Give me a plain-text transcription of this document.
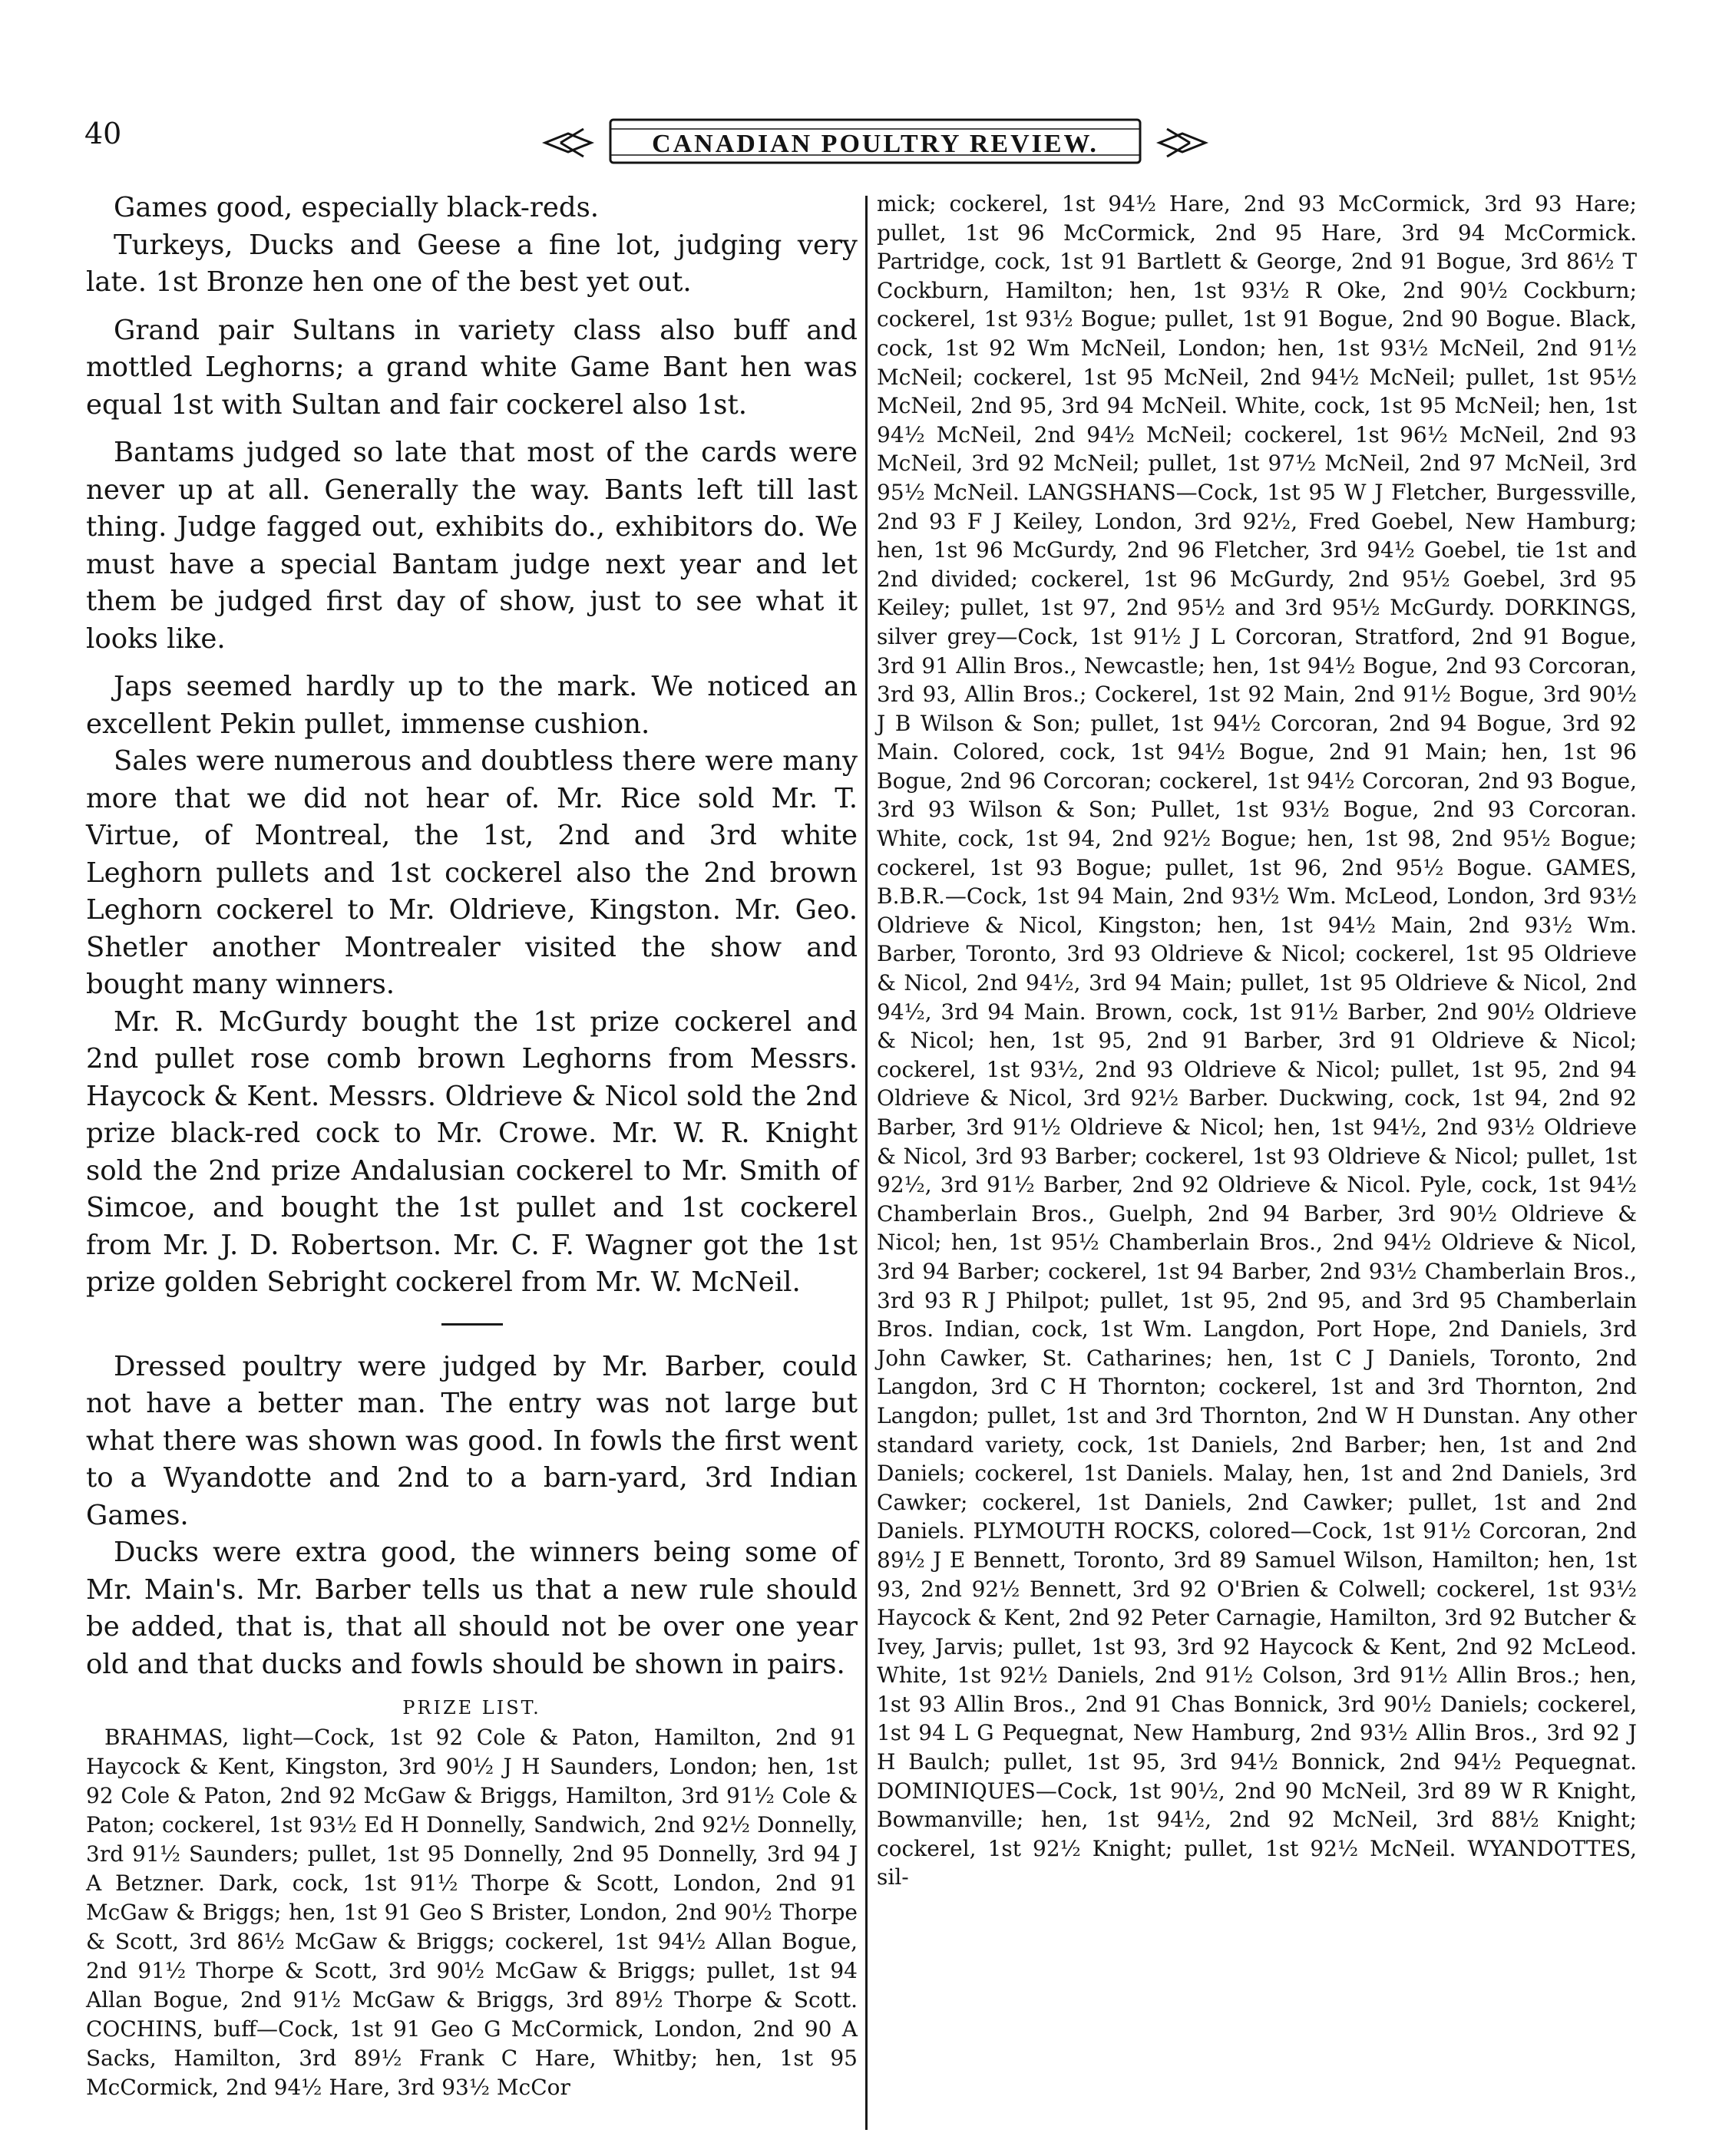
40	CANADIAN POULTRY REVIEW.

Games good, especially black-reds.

Turkeys, Ducks and Geese a fine lot, judging very late. 1st Bronze hen one of the best yet out.

Grand pair Sultans in variety class also buff and mottled Leghorns; a grand white Game Bant hen was equal 1st with Sultan and fair cockerel also 1st.

Bantams judged so late that most of the cards were never up at all. Generally the way. Bants left till last thing. Judge fagged out, exhibits do., exhibitors do. We must have a special Bantam judge next year and let them be judged first day of show, just to see what it looks like.

Japs seemed hardly up to the mark. We noticed an excellent Pekin pullet, immense cushion.

Sales were numerous and doubtless there were many more that we did not hear of. Mr. Rice sold Mr. T. Virtue, of Montreal, the 1st, 2nd and 3rd white Leghorn pullets and 1st cockerel also the 2nd brown Leghorn cockerel to Mr. Oldrieve, Kingston. Mr. Geo. Shetler another Montrealer visited the show and bought many winners.

Mr. R. McGurdy bought the 1st prize cockerel and 2nd pullet rose comb brown Leghorns from Messrs. Haycock & Kent. Messrs. Oldrieve & Nicol sold the 2nd prize black-red cock to Mr. Crowe. Mr. W. R. Knight sold the 2nd prize Andalusian cockerel to Mr. Smith of Simcoe, and bought the 1st pullet and 1st cockerel from Mr. J. D. Robertson. Mr. C. F. Wagner got the 1st prize golden Sebright cockerel from Mr. W. McNeil.

Dressed poultry were judged by Mr. Barber, could not have a better man. The entry was not large but what there was shown was good. In fowls the first went to a Wyandotte and 2nd to a barn-yard, 3rd Indian Games.

Ducks were extra good, the winners being some of Mr. Main's. Mr. Barber tells us that a new rule should be added, that is, that all should not be over one year old and that ducks and fowls should be shown in pairs.

PRIZE LIST.

BRAHMAS, light—Cock, 1st 92 Cole & Paton, Hamilton, 2nd 91 Haycock & Kent, Kingston, 3rd 90½ J H Saunders, London; hen, 1st 92 Cole & Paton, 2nd 92 McGaw & Briggs, Hamilton, 3rd 91½ Cole & Paton; cockerel, 1st 93½ Ed H Donnelly, Sandwich, 2nd 92½ Donnelly, 3rd 91½ Saunders; pullet, 1st 95 Donnelly, 2nd 95 Donnelly, 3rd 94 J A Betzner. Dark, cock, 1st 91½ Thorpe & Scott, London, 2nd 91 McGaw & Briggs; hen, 1st 91 Geo S Brister, London, 2nd 90½ Thorpe & Scott, 3rd 86½ McGaw & Briggs; cockerel, 1st 94½ Allan Bogue, 2nd 91½ Thorpe & Scott, 3rd 90½ McGaw & Briggs; pullet, 1st 94 Allan Bogue, 2nd 91½ McGaw & Briggs, 3rd 89½ Thorpe & Scott. COCHINS, buff—Cock, 1st 91 Geo G McCormick, London, 2nd 90 A Sacks, Hamilton, 3rd 89½ Frank C Hare, Whitby; hen, 1st 95 McCormick, 2nd 94½ Hare, 3rd 93½ McCor

mick; cockerel, 1st 94½ Hare, 2nd 93 McCormick, 3rd 93 Hare; pullet, 1st 96 McCormick, 2nd 95 Hare, 3rd 94 McCormick. Partridge, cock, 1st 91 Bartlett & George, 2nd 91 Bogue, 3rd 86½ T Cockburn, Hamilton; hen, 1st 93½ R Oke, 2nd 90½ Cockburn; cockerel, 1st 93½ Bogue; pullet, 1st 91 Bogue, 2nd 90 Bogue. Black, cock, 1st 92 Wm McNeil, London; hen, 1st 93½ McNeil, 2nd 91½ McNeil; cockerel, 1st 95 McNeil, 2nd 94½ McNeil; pullet, 1st 95½ McNeil, 2nd 95, 3rd 94 McNeil. White, cock, 1st 95 McNeil; hen, 1st 94½ McNeil, 2nd 94½ McNeil; cockerel, 1st 96½ McNeil, 2nd 93 McNeil, 3rd 92 McNeil; pullet, 1st 97½ McNeil, 2nd 97 McNeil, 3rd 95½ McNeil. LANGSHANS—Cock, 1st 95 W J Fletcher, Burgessville, 2nd 93 F J Keiley, London, 3rd 92½, Fred Goebel, New Hamburg; hen, 1st 96 McGurdy, 2nd 96 Fletcher, 3rd 94½ Goebel, tie 1st and 2nd divided; cockerel, 1st 96 McGurdy, 2nd 95½ Goebel, 3rd 95 Keiley; pullet, 1st 97, 2nd 95½ and 3rd 95½ McGurdy. DORKINGS, silver grey—Cock, 1st 91½ J L Corcoran, Stratford, 2nd 91 Bogue, 3rd 91 Allin Bros., Newcastle; hen, 1st 94½ Bogue, 2nd 93 Corcoran, 3rd 93, Allin Bros.; Cockerel, 1st 92 Main, 2nd 91½ Bogue, 3rd 90½ J B Wilson & Son; pullet, 1st 94½ Corcoran, 2nd 94 Bogue, 3rd 92 Main. Colored, cock, 1st 94½ Bogue, 2nd 91 Main; hen, 1st 96 Bogue, 2nd 96 Corcoran; cockerel, 1st 94½ Corcoran, 2nd 93 Bogue, 3rd 93 Wilson & Son; Pullet, 1st 93½ Bogue, 2nd 93 Corcoran. White, cock, 1st 94, 2nd 92½ Bogue; hen, 1st 98, 2nd 95½ Bogue; cockerel, 1st 93 Bogue; pullet, 1st 96, 2nd 95½ Bogue. GAMES, B.B.R.—Cock, 1st 94 Main, 2nd 93½ Wm. McLeod, London, 3rd 93½ Oldrieve & Nicol, Kingston; hen, 1st 94½ Main, 2nd 93½ Wm. Barber, Toronto, 3rd 93 Oldrieve & Nicol; cockerel, 1st 95 Oldrieve & Nicol, 2nd 94½, 3rd 94 Main; pullet, 1st 95 Oldrieve & Nicol, 2nd 94½, 3rd 94 Main. Brown, cock, 1st 91½ Barber, 2nd 90½ Oldrieve & Nicol; hen, 1st 95, 2nd 91 Barber, 3rd 91 Oldrieve & Nicol; cockerel, 1st 93½, 2nd 93 Oldrieve & Nicol; pullet, 1st 95, 2nd 94 Oldrieve & Nicol, 3rd 92½ Barber. Duckwing, cock, 1st 94, 2nd 92 Barber, 3rd 91½ Oldrieve & Nicol; hen, 1st 94½, 2nd 93½ Oldrieve & Nicol, 3rd 93 Barber; cockerel, 1st 93 Oldrieve & Nicol; pullet, 1st 92½, 3rd 91½ Barber, 2nd 92 Oldrieve & Nicol. Pyle, cock, 1st 94½ Chamberlain Bros., Guelph, 2nd 94 Barber, 3rd 90½ Oldrieve & Nicol; hen, 1st 95½ Chamberlain Bros., 2nd 94½ Oldrieve & Nicol, 3rd 94 Barber; cockerel, 1st 94 Barber, 2nd 93½ Chamberlain Bros., 3rd 93 R J Philpot; pullet, 1st 95, 2nd 95, and 3rd 95 Chamberlain Bros. Indian, cock, 1st Wm. Langdon, Port Hope, 2nd Daniels, 3rd John Cawker, St. Catharines; hen, 1st C J Daniels, Toronto, 2nd Langdon, 3rd C H Thornton; cockerel, 1st and 3rd Thornton, 2nd Langdon; pullet, 1st and 3rd Thornton, 2nd W H Dunstan. Any other standard variety, cock, 1st Daniels, 2nd Barber; hen, 1st and 2nd Daniels; cockerel, 1st Daniels. Malay, hen, 1st and 2nd Daniels, 3rd Cawker; cockerel, 1st Daniels, 2nd Cawker; pullet, 1st and 2nd Daniels. PLYMOUTH ROCKS, colored—Cock, 1st 91½ Corcoran, 2nd 89½ J E Bennett, Toronto, 3rd 89 Samuel Wilson, Hamilton; hen, 1st 93, 2nd 92½ Bennett, 3rd 92 O'Brien & Colwell; cockerel, 1st 93½ Haycock & Kent, 2nd 92 Peter Carnagie, Hamilton, 3rd 92 Butcher & Ivey, Jarvis; pullet, 1st 93, 3rd 92 Haycock & Kent, 2nd 92 McLeod. White, 1st 92½ Daniels, 2nd 91½ Colson, 3rd 91½ Allin Bros.; hen, 1st 93 Allin Bros., 2nd 91 Chas Bonnick, 3rd 90½ Daniels; cockerel, 1st 94 L G Pequegnat, New Hamburg, 2nd 93½ Allin Bros., 3rd 92 J H Baulch; pullet, 1st 95, 3rd 94½ Bonnick, 2nd 94½ Pequegnat. DOMINIQUES—Cock, 1st 90½, 2nd 90 McNeil, 3rd 89 W R Knight, Bowmanville; hen, 1st 94½, 2nd 92 McNeil, 3rd 88½ Knight; cockerel, 1st 92½ Knight; pullet, 1st 92½ McNeil. WYANDOTTES, sil-
